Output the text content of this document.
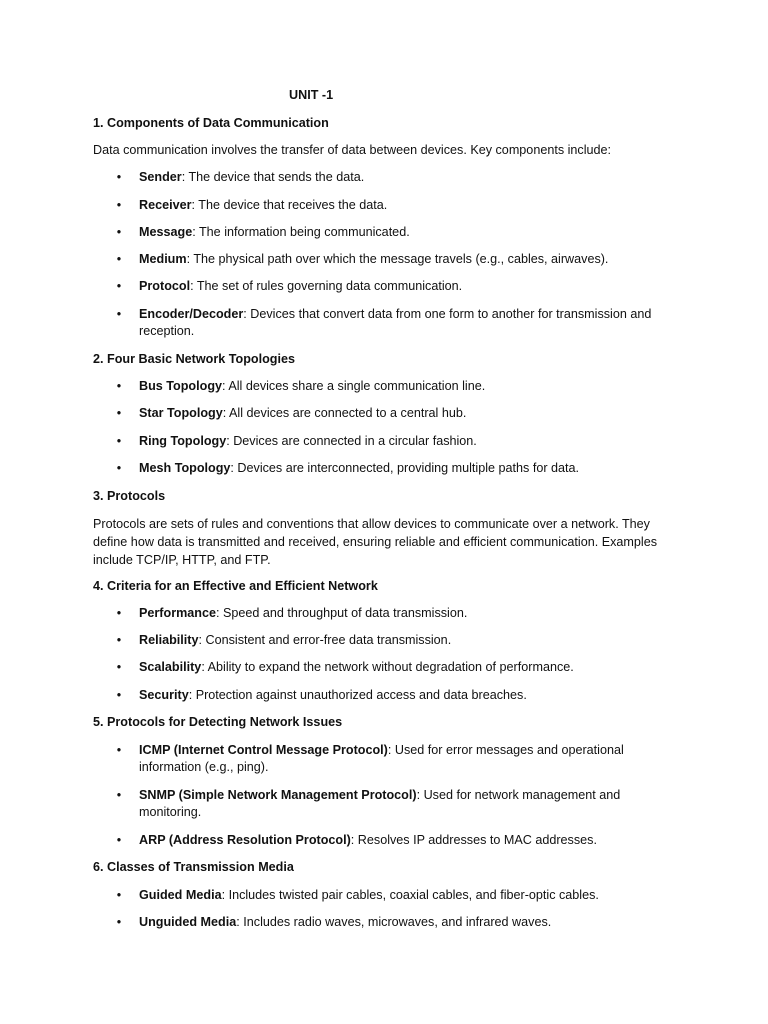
UNIT -1

1. Components of Data Communication

Data communication involves the transfer of data between devices. Key components include:

• Sender: The device that sends the data.
• Receiver: The device that receives the data.
• Message: The information being communicated.
• Medium: The physical path over which the message travels (e.g., cables, airwaves).
• Protocol: The set of rules governing data communication.
• Encoder/Decoder: Devices that convert data from one form to another for transmission and reception.

2. Four Basic Network Topologies

• Bus Topology: All devices share a single communication line.
• Star Topology: All devices are connected to a central hub.
• Ring Topology: Devices are connected in a circular fashion.
• Mesh Topology: Devices are interconnected, providing multiple paths for data.

3. Protocols

Protocols are sets of rules and conventions that allow devices to communicate over a network. They define how data is transmitted and received, ensuring reliable and efficient communication. Examples include TCP/IP, HTTP, and FTP.

4. Criteria for an Effective and Efficient Network

• Performance: Speed and throughput of data transmission.
• Reliability: Consistent and error-free data transmission.
• Scalability: Ability to expand the network without degradation of performance.
• Security: Protection against unauthorized access and data breaches.

5. Protocols for Detecting Network Issues

• ICMP (Internet Control Message Protocol): Used for error messages and operational information (e.g., ping).
• SNMP (Simple Network Management Protocol): Used for network management and monitoring.
• ARP (Address Resolution Protocol): Resolves IP addresses to MAC addresses.

6. Classes of Transmission Media

• Guided Media: Includes twisted pair cables, coaxial cables, and fiber-optic cables.
• Unguided Media: Includes radio waves, microwaves, and infrared waves.
